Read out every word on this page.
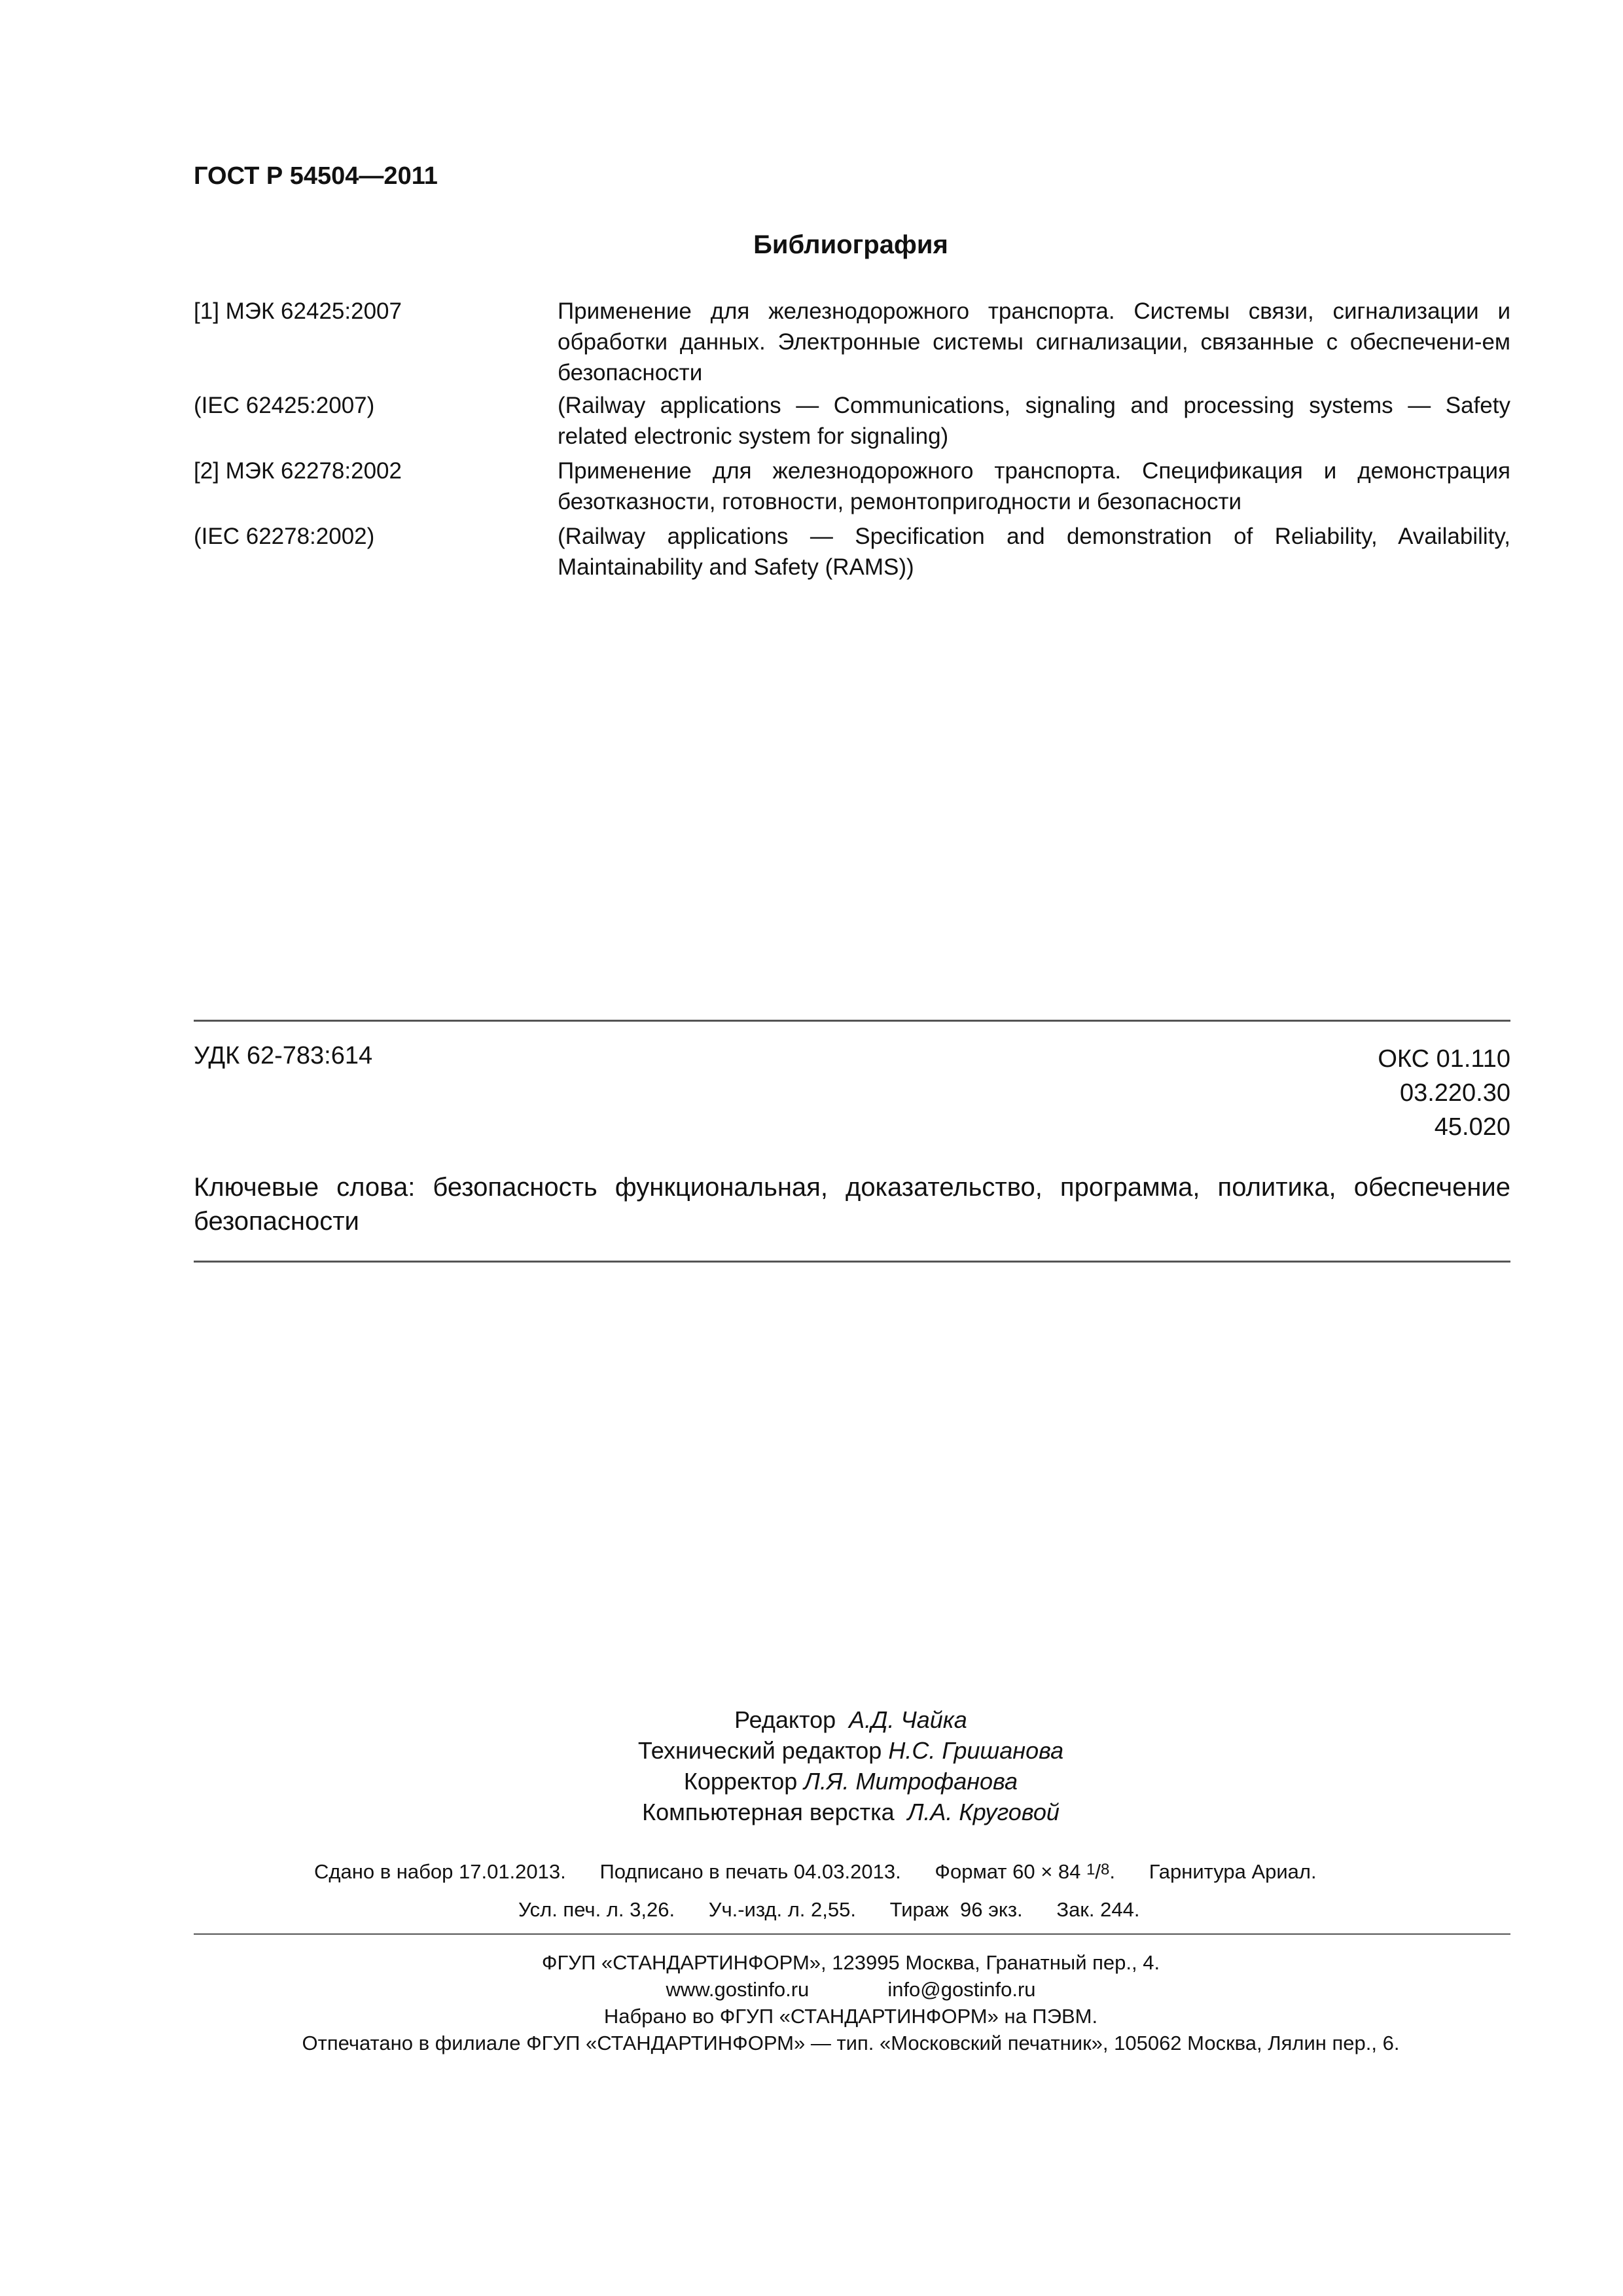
ГОСТ Р 54504—2011
Библиография
[1] МЭК 62425:2007	Применение для железнодорожного транспорта. Системы связи, сигнализации и обработки данных. Электронные системы сигнализации, связанные с обеспечени-ем безопасности
(IEC 62425:2007)	(Railway applications — Communications, signaling and processing systems — Safety related electronic system for signaling)
[2] МЭК 62278:2002	Применение для железнодорожного транспорта. Спецификация и демонстрация безотказности, готовности, ремонтопригодности и безопасности
(IEC 62278:2002)	(Railway applications — Specification and demonstration of Reliability, Availability, Maintainability and Safety (RAMS))
УДК 62-783:614	ОКС 01.110
03.220.30
45.020
Ключевые слова: безопасность функциональная, доказательство, программа, политика, обеспечение безопасности
Редактор А.Д. Чайка
Технический редактор Н.С. Гришанова
Корректор Л.Я. Митрофанова
Компьютерная верстка Л.А. Круговой
Сдано в набор 17.01.2013. Подписано в печать 04.03.2013. Формат 60 × 84 1/8.      Гарнитура Ариал.
Усл. печ. л. 3,26. Уч.-изд. л. 2,55. Тираж  96 экз. Зак. 244.
ФГУП «СТАНДАРТИНФОРМ», 123995 Москва, Гранатный пер., 4.
www.gostinfo.ru	info@gostinfo.ru
Набрано во ФГУП «СТАНДАРТИНФОРМ» на ПЭВМ.
Отпечатано в филиале ФГУП «СТАНДАРТИНФОРМ» — тип. «Московский печатник», 105062 Москва, Лялин пер., 6.
